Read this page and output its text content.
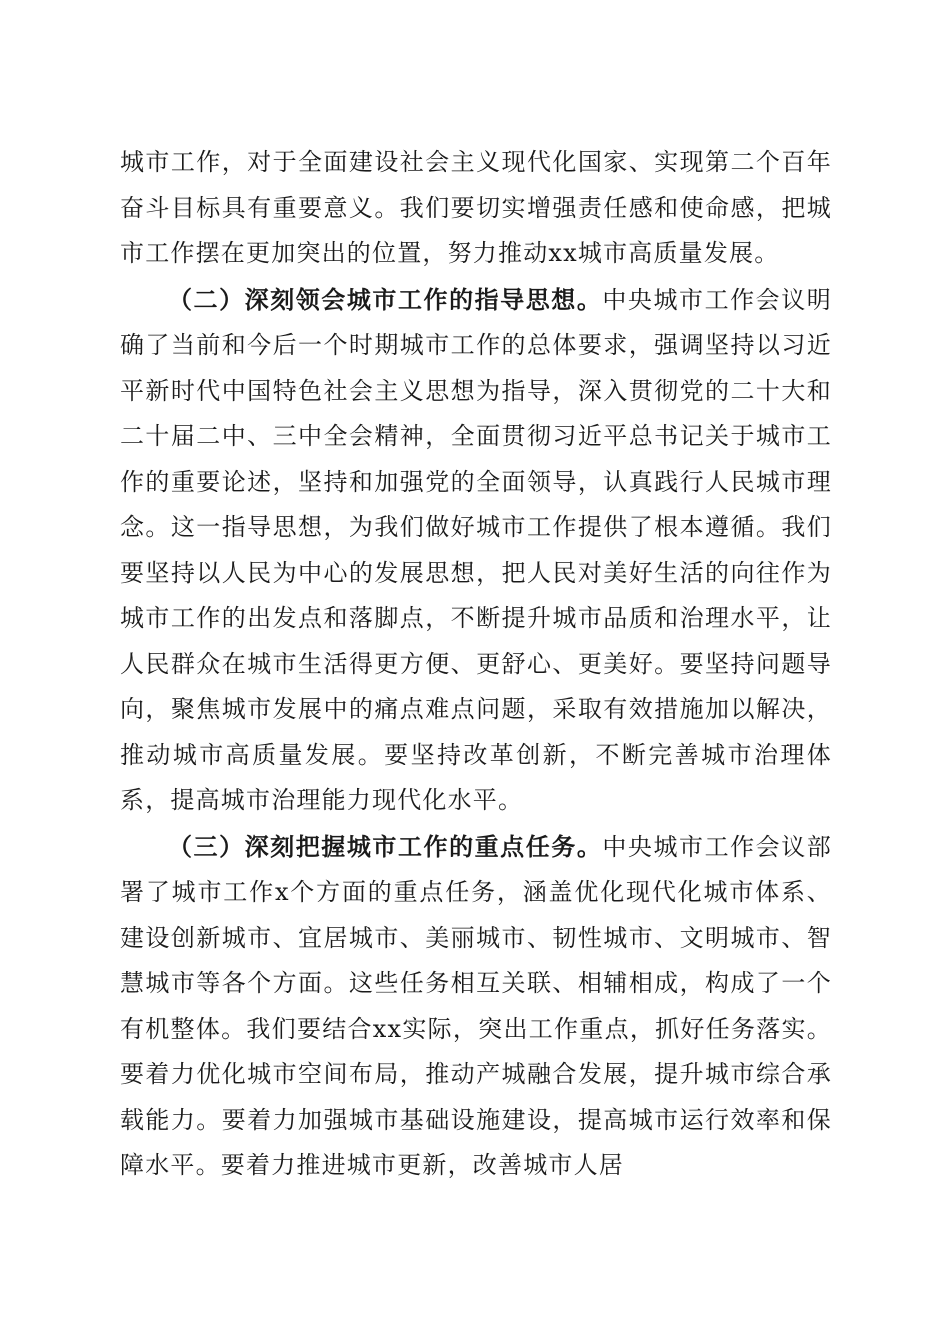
城市工作，对于全面建设社会主义现代化国家、实现第二个百年奋斗目标具有重要意义。我们要切实增强责任感和使命感，把城市工作摆在更加突出的位置，努力推动xx城市高质量发展。

（二）深刻领会城市工作的指导思想。中央城市工作会议明确了当前和今后一个时期城市工作的总体要求，强调坚持以习近平新时代中国特色社会主义思想为指导，深入贯彻党的二十大和二十届二中、三中全会精神，全面贯彻习近平总书记关于城市工作的重要论述，坚持和加强党的全面领导，认真践行人民城市理念。这一指导思想，为我们做好城市工作提供了根本遵循。我们要坚持以人民为中心的发展思想，把人民对美好生活的向往作为城市工作的出发点和落脚点，不断提升城市品质和治理水平，让人民群众在城市生活得更方便、更舒心、更美好。要坚持问题导向，聚焦城市发展中的痛点难点问题，采取有效措施加以解决，推动城市高质量发展。要坚持改革创新，不断完善城市治理体系，提高城市治理能力现代化水平。

（三）深刻把握城市工作的重点任务。中央城市工作会议部署了城市工作x个方面的重点任务，涵盖优化现代化城市体系、建设创新城市、宜居城市、美丽城市、韧性城市、文明城市、智慧城市等各个方面。这些任务相互关联、相辅相成，构成了一个有机整体。我们要结合xx实际，突出工作重点，抓好任务落实。要着力优化城市空间布局，推动产城融合发展，提升城市综合承载能力。要着力加强城市基础设施建设，提高城市运行效率和保障水平。要着力推进城市更新，改善城市人居
